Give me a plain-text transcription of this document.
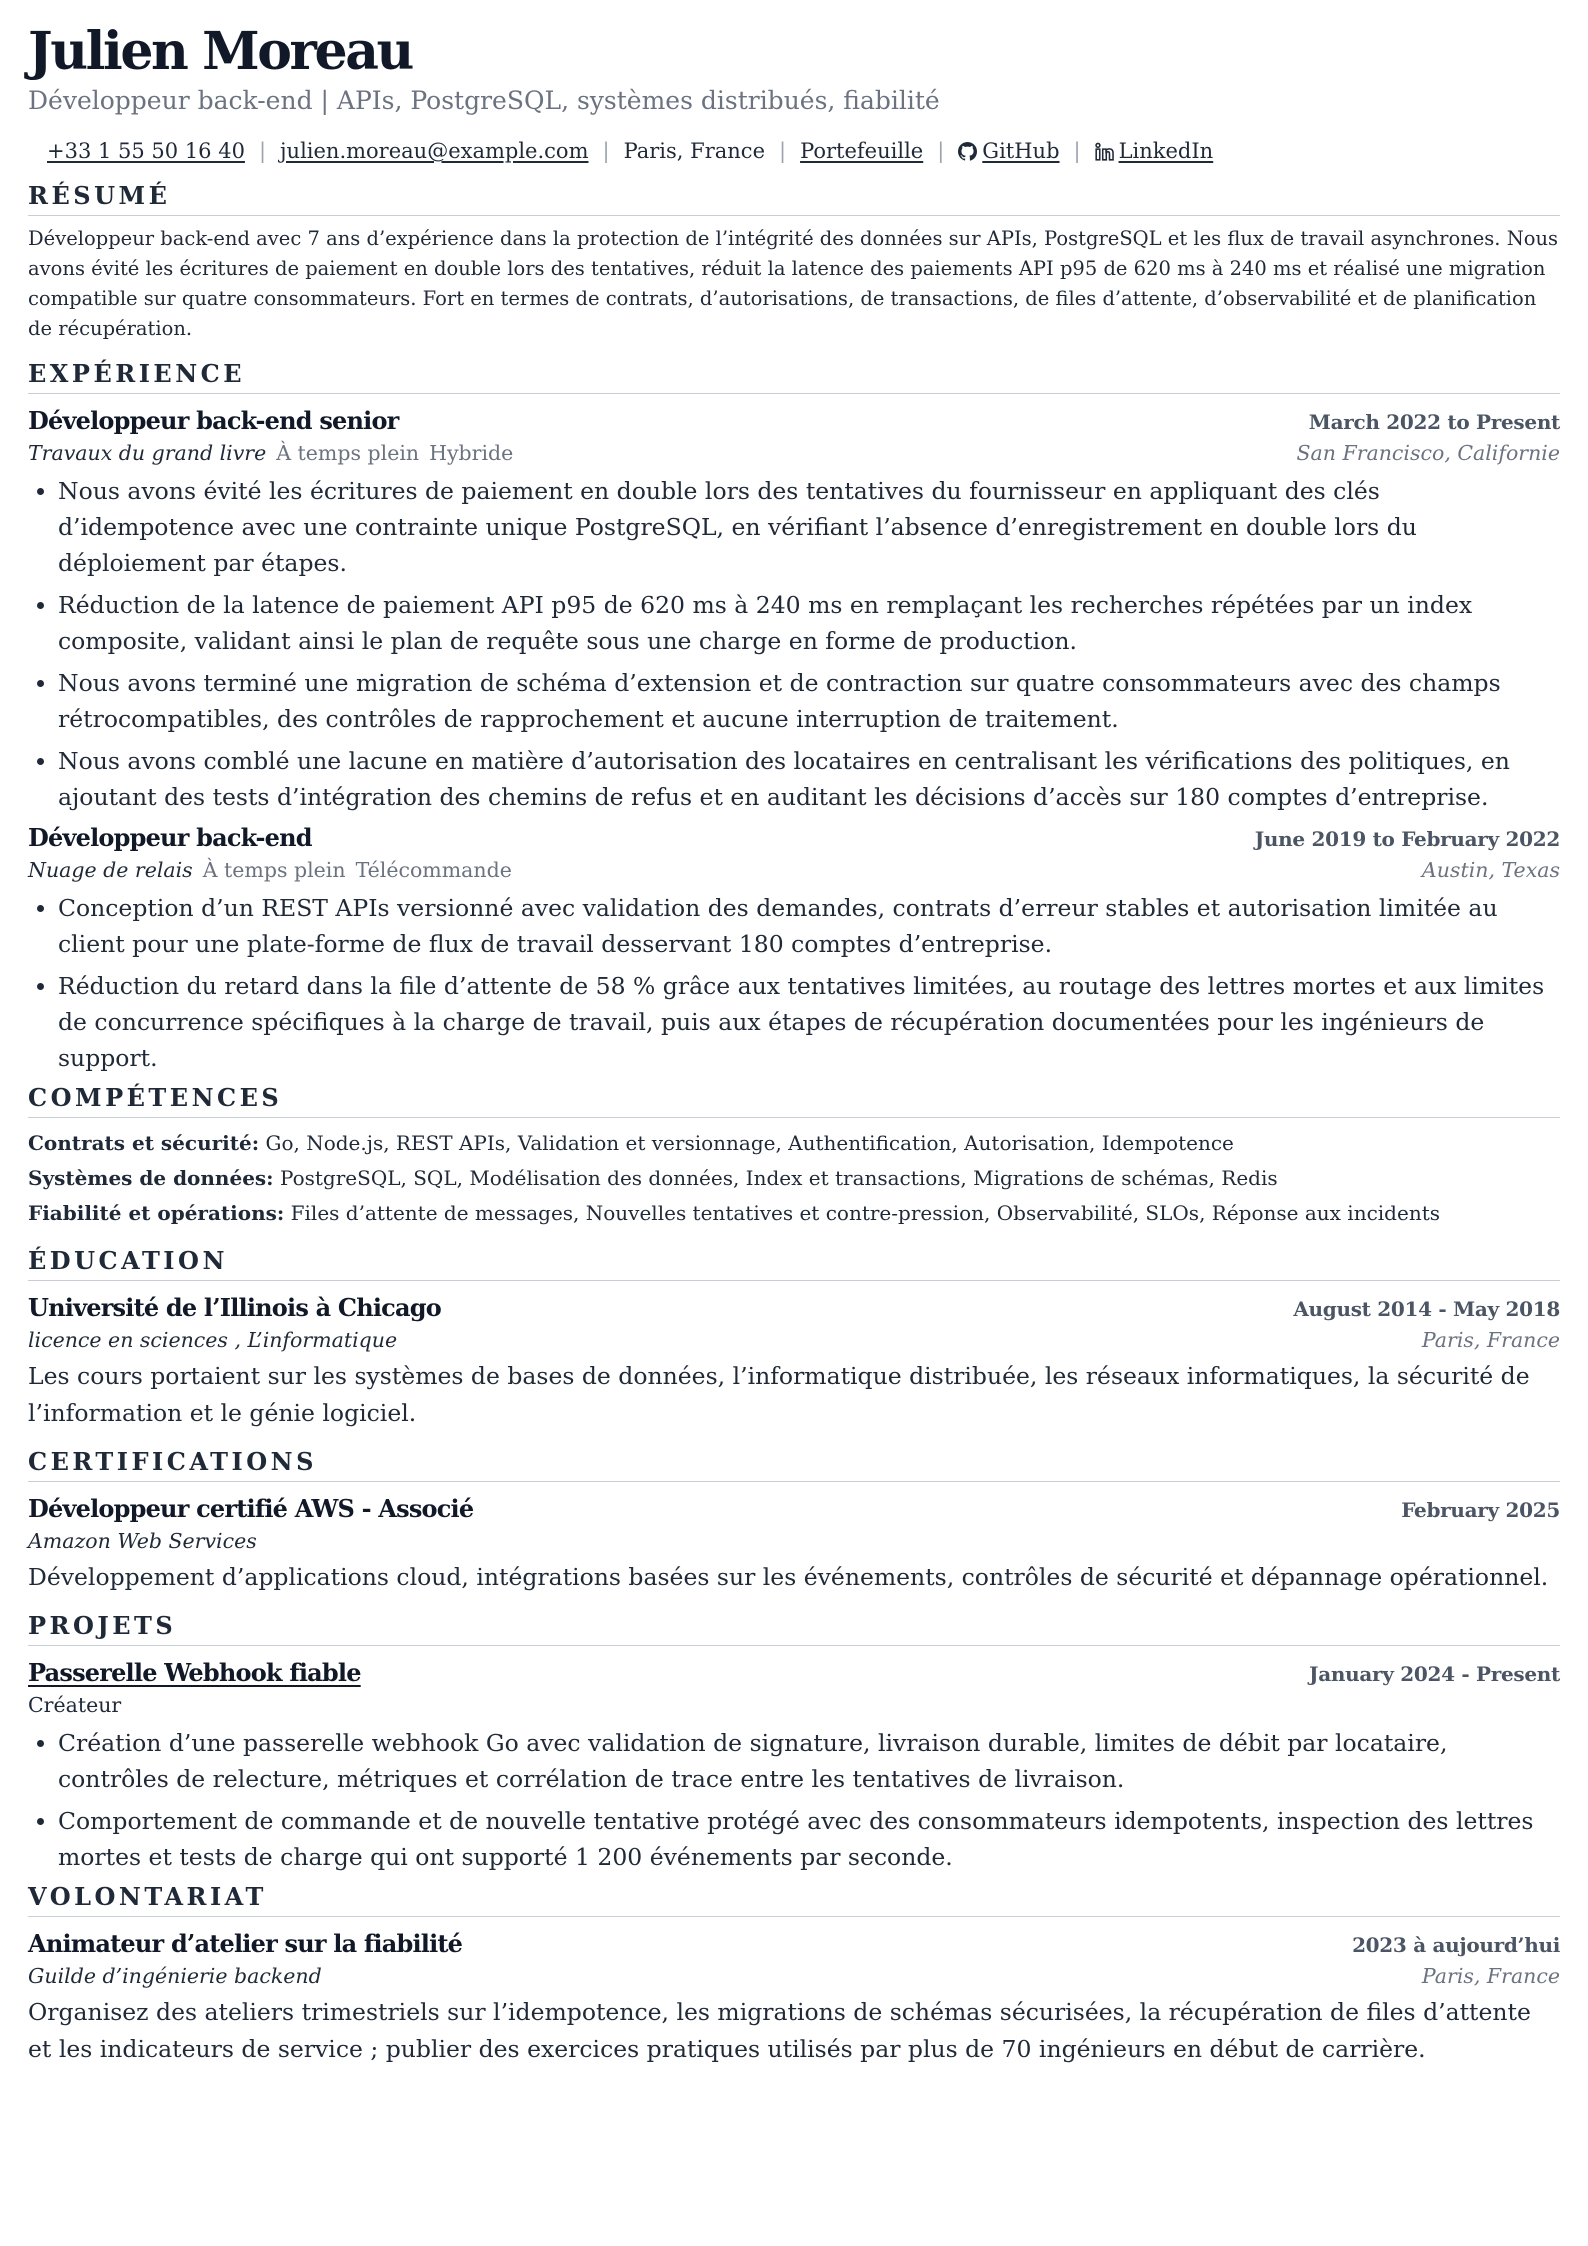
Julien Moreau
Développeur back-end | APIs, PostgreSQL, systèmes distribués, fiabilité
+33 1 55 50 16 40 | julien.moreau@example.com | Paris, France | Portefeuille | GitHub | LinkedIn
RÉSUMÉ
Développeur back-end avec 7 ans d’expérience dans la protection de l’intégrité des données sur APIs, PostgreSQL et les flux de travail asynchrones. Nous avons évité les écritures de paiement en double lors des tentatives, réduit la latence des paiements API p95 de 620 ms à 240 ms et réalisé une migration compatible sur quatre consommateurs. Fort en termes de contrats, d’autorisations, de transactions, de files d’attente, d’observabilité et de planification de récupération.
EXPÉRIENCE
Développeur back-end senior	March 2022 to Present
Travaux du grand livre À temps plein Hybride	San Francisco, Californie
Nous avons évité les écritures de paiement en double lors des tentatives du fournisseur en appliquant des clés d’idempotence avec une contrainte unique PostgreSQL, en vérifiant l’absence d’enregistrement en double lors du déploiement par étapes.
Réduction de la latence de paiement API p95 de 620 ms à 240 ms en remplaçant les recherches répétées par un index composite, validant ainsi le plan de requête sous une charge en forme de production.
Nous avons terminé une migration de schéma d’extension et de contraction sur quatre consommateurs avec des champs rétrocompatibles, des contrôles de rapprochement et aucune interruption de traitement.
Nous avons comblé une lacune en matière d’autorisation des locataires en centralisant les vérifications des politiques, en ajoutant des tests d’intégration des chemins de refus et en auditant les décisions d’accès sur 180 comptes d’entreprise.
Développeur back-end	June 2019 to February 2022
Nuage de relais À temps plein Télécommande	Austin, Texas
Conception d’un REST APIs versionné avec validation des demandes, contrats d’erreur stables et autorisation limitée au client pour une plate-forme de flux de travail desservant 180 comptes d’entreprise.
Réduction du retard dans la file d’attente de 58 % grâce aux tentatives limitées, au routage des lettres mortes et aux limites de concurrence spécifiques à la charge de travail, puis aux étapes de récupération documentées pour les ingénieurs de support.
COMPÉTENCES
Contrats et sécurité: Go, Node.js, REST APIs, Validation et versionnage, Authentification, Autorisation, Idempotence
Systèmes de données: PostgreSQL, SQL, Modélisation des données, Index et transactions, Migrations de schémas, Redis
Fiabilité et opérations: Files d’attente de messages, Nouvelles tentatives et contre-pression, Observabilité, SLOs, Réponse aux incidents
ÉDUCATION
Université de l’Illinois à Chicago	August 2014 - May 2018
licence en sciences , L’informatique	Paris, France
Les cours portaient sur les systèmes de bases de données, l’informatique distribuée, les réseaux informatiques, la sécurité de l’information et le génie logiciel.
CERTIFICATIONS
Développeur certifié AWS - Associé	February 2025
Amazon Web Services
Développement d’applications cloud, intégrations basées sur les événements, contrôles de sécurité et dépannage opérationnel.
PROJETS
Passerelle Webhook fiable	January 2024 - Present
Créateur
Création d’une passerelle webhook Go avec validation de signature, livraison durable, limites de débit par locataire, contrôles de relecture, métriques et corrélation de trace entre les tentatives de livraison.
Comportement de commande et de nouvelle tentative protégé avec des consommateurs idempotents, inspection des lettres mortes et tests de charge qui ont supporté 1 200 événements par seconde.
VOLONTARIAT
Animateur d’atelier sur la fiabilité	2023 à aujourd’hui
Guilde d’ingénierie backend	Paris, France
Organisez des ateliers trimestriels sur l’idempotence, les migrations de schémas sécurisées, la récupération de files d’attente et les indicateurs de service ; publier des exercices pratiques utilisés par plus de 70 ingénieurs en début de carrière.
